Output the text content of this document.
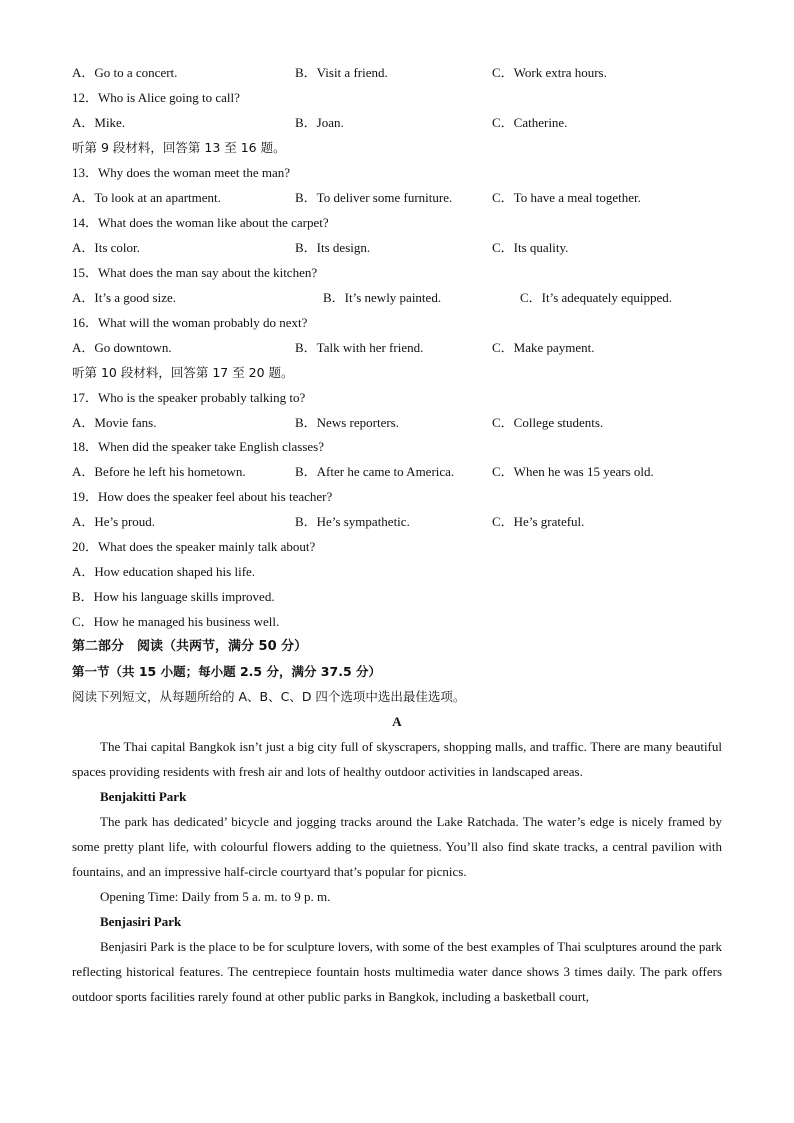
A．Go to a concert.	B．Visit a friend.	C．Work extra hours.
12．Who is Alice going to call?
A．Mike.	B．Joan.	C．Catherine.
听第 9 段材料，回答第 13 至 16 题。
13．Why does the woman meet the man?
A．To look at an apartment.	B．To deliver some furniture.	C．To have a meal together.
14．What does the woman like about the carpet?
A．Its color.	B．Its design.	C．Its quality.
15．What does the man say about the kitchen?
A．It’s a good size.	B．It’s newly painted.	C．It’s adequately equipped.
16．What will the woman probably do next?
A．Go downtown.	B．Talk with her friend.	C．Make payment.
听第 10 段材料，回答第 17 至 20 题。
17．Who is the speaker probably talking to?
A．Movie fans.	B．News reporters.	C．College students.
18．When did the speaker take English classes?
A．Before he left his hometown.	B．After he came to America.	C．When he was 15 years old.
19．How does the speaker feel about his teacher?
A．He’s proud.	B．He’s sympathetic.	C．He’s grateful.
20．What does the speaker mainly talk about?
A．How education shaped his life.
B．How his language skills improved.
C．How he managed his business well.
第二部分　阅读（共两节，满分 50 分）
第一节（共 15 小题；每小题 2.5 分，满分 37.5 分）
阅读下列短文，从每题所给的 A、B、C、D 四个选项中选出最佳选项。
A
The Thai capital Bangkok isn’t just a big city full of skyscrapers, shopping malls, and traffic. There are many beautiful spaces providing residents with fresh air and lots of healthy outdoor activities in landscaped areas.
Benjakitti Park
The park has dedicated’ bicycle and jogging tracks around the Lake Ratchada. The water’s edge is nicely framed by some pretty plant life, with colourful flowers adding to the quietness. You’ll also find skate tracks, a central pavilion with fountains, and an impressive half-circle courtyard that’s popular for picnics.
Opening Time: Daily from 5 a. m. to 9 p. m.
Benjasiri Park
Benjasiri Park is the place to be for sculpture lovers, with some of the best examples of Thai sculptures around the park reflecting historical features. The centrepiece fountain hosts multimedia water dance shows 3 times daily. The park offers outdoor sports facilities rarely found at other public parks in Bangkok, including a basketball court,
